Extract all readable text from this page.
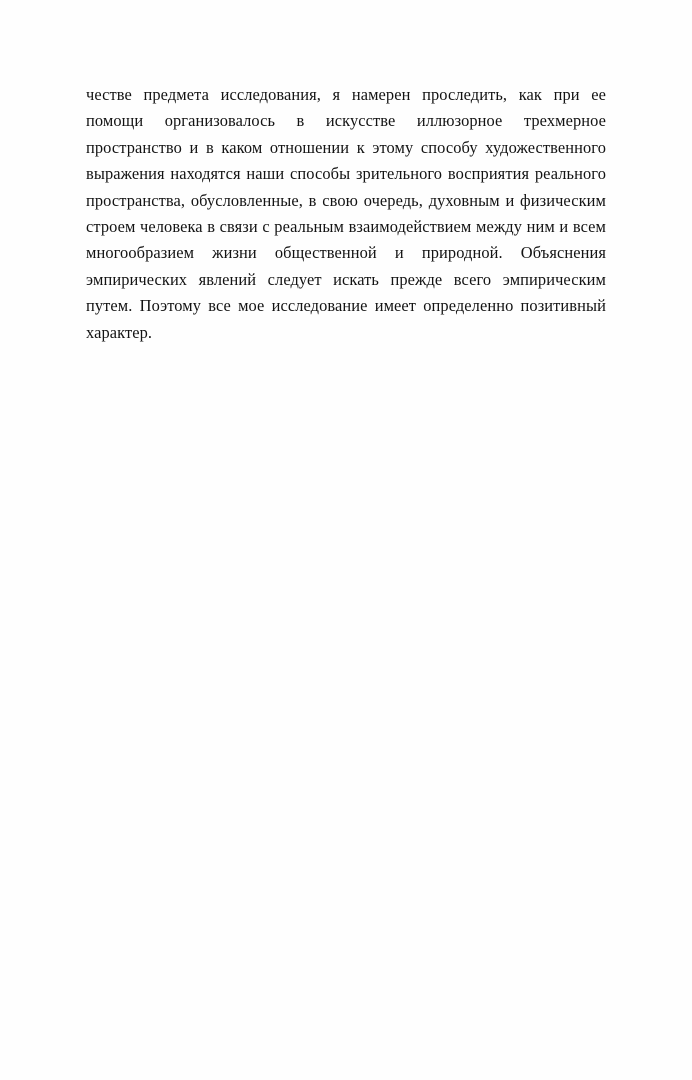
честве предмета исследования, я намерен проследить, как при ее помощи организовалось в искусстве иллюзорное трехмерное пространство и в каком отношении к этому способу художественного выражения находятся наши способы зрительного восприятия реального пространства, обусловленные, в свою очередь, духовным и физическим строем человека в связи с реальным взаимодействием между ним и всем многообразием жизни общественной и природной. Объяснения эмпирических явлений следует искать прежде всего эмпирическим путем. Поэтому все мое исследование имеет определенно позитивный характер.
